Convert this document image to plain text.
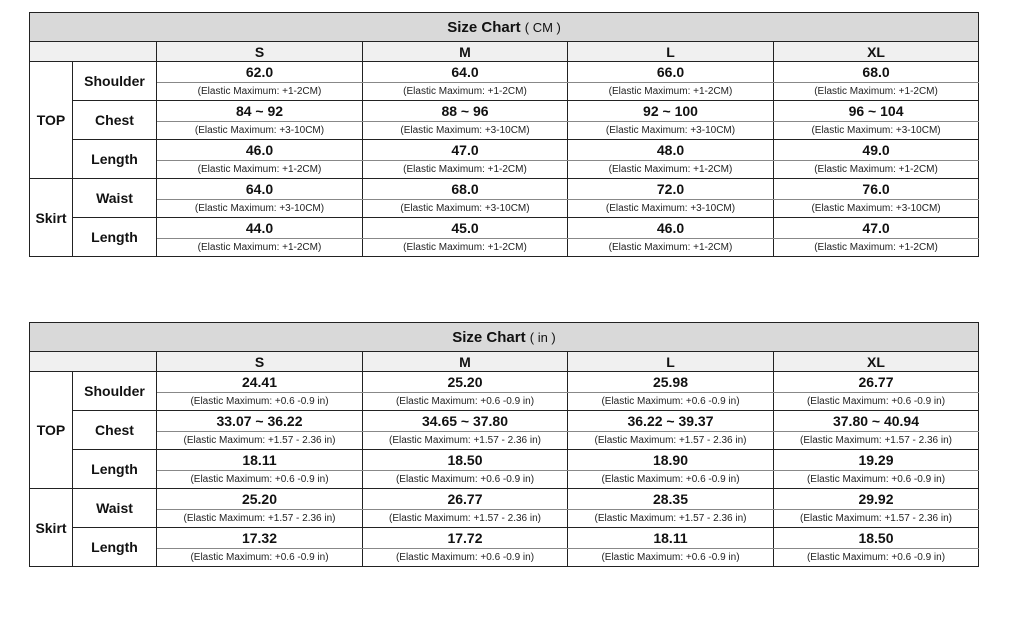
Size Chart ( CM )					
		S	M	L	XL
TOP	Shoulder	62.0	64.0	66.0	68.0
		(Elastic Maximum: +1-2CM)	(Elastic Maximum: +1-2CM)	(Elastic Maximum: +1-2CM)	(Elastic Maximum: +1-2CM)
	Chest	84 ~ 92	88 ~ 96	92 ~ 100	96 ~ 104
		(Elastic Maximum: +3-10CM)	(Elastic Maximum: +3-10CM)	(Elastic Maximum: +3-10CM)	(Elastic Maximum: +3-10CM)
	Length	46.0	47.0	48.0	49.0
		(Elastic Maximum: +1-2CM)	(Elastic Maximum: +1-2CM)	(Elastic Maximum: +1-2CM)	(Elastic Maximum: +1-2CM)
Skirt	Waist	64.0	68.0	72.0	76.0
		(Elastic Maximum: +3-10CM)	(Elastic Maximum: +3-10CM)	(Elastic Maximum: +3-10CM)	(Elastic Maximum: +3-10CM)
	Length	44.0	45.0	46.0	47.0
		(Elastic Maximum: +1-2CM)	(Elastic Maximum: +1-2CM)	(Elastic Maximum: +1-2CM)	(Elastic Maximum: +1-2CM)
Size Chart ( in )					
		S	M	L	XL
TOP	Shoulder	24.41	25.20	25.98	26.77
		(Elastic Maximum: +0.6 -0.9 in)	(Elastic Maximum: +0.6 -0.9 in)	(Elastic Maximum: +0.6 -0.9 in)	(Elastic Maximum: +0.6 -0.9 in)
	Chest	33.07 ~ 36.22	34.65 ~ 37.80	36.22 ~ 39.37	37.80 ~ 40.94
		(Elastic Maximum: +1.57 - 2.36 in)	(Elastic Maximum: +1.57 - 2.36 in)	(Elastic Maximum: +1.57 - 2.36 in)	(Elastic Maximum: +1.57 - 2.36 in)
	Length	18.11	18.50	18.90	19.29
		(Elastic Maximum: +0.6 -0.9 in)	(Elastic Maximum: +0.6 -0.9 in)	(Elastic Maximum: +0.6 -0.9 in)	(Elastic Maximum: +0.6 -0.9 in)
Skirt	Waist	25.20	26.77	28.35	29.92
		(Elastic Maximum: +1.57 - 2.36 in)	(Elastic Maximum: +1.57 - 2.36 in)	(Elastic Maximum: +1.57 - 2.36 in)	(Elastic Maximum: +1.57 - 2.36 in)
	Length	17.32	17.72	18.11	18.50
		(Elastic Maximum: +0.6 -0.9 in)	(Elastic Maximum: +0.6 -0.9 in)	(Elastic Maximum: +0.6 -0.9 in)	(Elastic Maximum: +0.6 -0.9 in)
